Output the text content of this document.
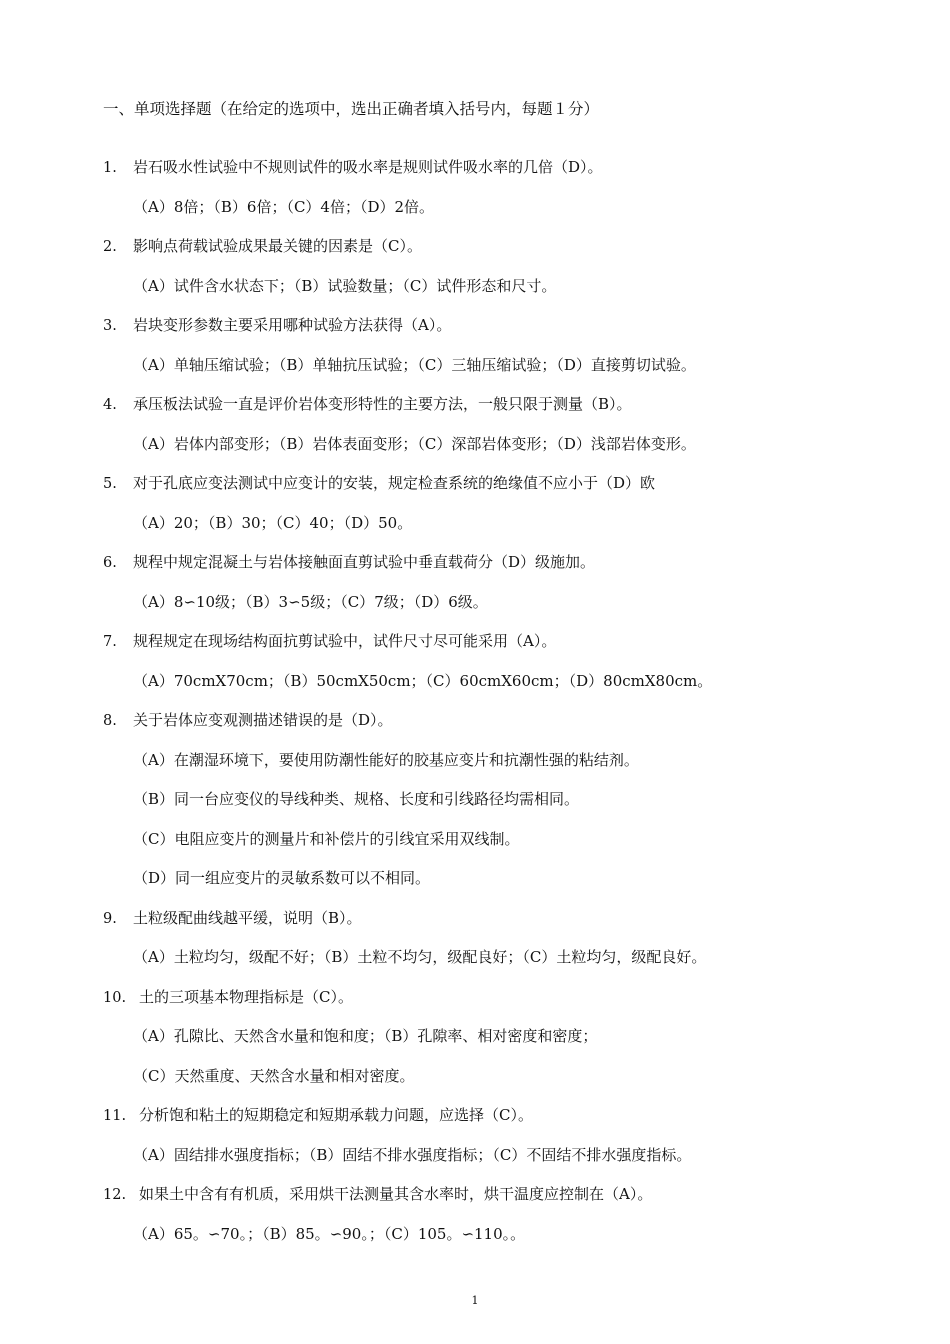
一、单项选择题（在给定的选项中，选出正确者填入括号内，每题１分）
1.	岩石吸水性试验中不规则试件的吸水率是规则试件吸水率的几倍（D）。
（A）8倍；（B）6倍；（C）4倍；（D）2倍。
2.	影响点荷载试验成果最关键的因素是（C）。
（A）试件含水状态下；（B）试验数量；（C）试件形态和尺寸。
3.	岩块变形参数主要采用哪种试验方法获得（A）。
（A）单轴压缩试验；（B）单轴抗压试验；（C）三轴压缩试验；（D）直接剪切试验。
4.	承压板法试验一直是评价岩体变形特性的主要方法，一般只限于测量（B）。
（A）岩体内部变形；（B）岩体表面变形；（C）深部岩体变形；（D）浅部岩体变形。
5.	对于孔底应变法测试中应变计的安装，规定检查系统的绝缘值不应小于（D）欧
（A）20；（B）30；（C）40；（D）50。
6.	规程中规定混凝土与岩体接触面直剪试验中垂直载荷分（D）级施加。
（A）8∽10级；（B）3∽5级；（C）7级；（D）6级。
7.	规程规定在现场结构面抗剪试验中，试件尺寸尽可能采用（A）。
（A）70cmX70cm；（B）50cmX50cm；（C）60cmX60cm；（D）80cmX80cm。
8.	关于岩体应变观测描述错误的是（D）。
（A）在潮湿环境下，要使用防潮性能好的胶基应变片和抗潮性强的粘结剂。
（B）同一台应变仪的导线种类、规格、长度和引线路径均需相同。
（C）电阻应变片的测量片和补偿片的引线宜采用双线制。
（D）同一组应变片的灵敏系数可以不相同。
9.	土粒级配曲线越平缓，说明（B）。
（A）土粒均匀，级配不好；（B）土粒不均匀，级配良好；（C）土粒均匀，级配良好。
10. 土的三项基本物理指标是（C）。
（A）孔隙比、天然含水量和饱和度；（B）孔隙率、相对密度和密度；
（C）天然重度、天然含水量和相对密度。
11. 分析饱和粘土的短期稳定和短期承载力问题，应选择（C）。
（A）固结排水强度指标；（B）固结不排水强度指标；（C）不固结不排水强度指标。
12. 如果土中含有有机质，采用烘干法测量其含水率时，烘干温度应控制在（A）。
（A）65。∽70。；（B）85。∽90。；（C）105。∽110。。
1
